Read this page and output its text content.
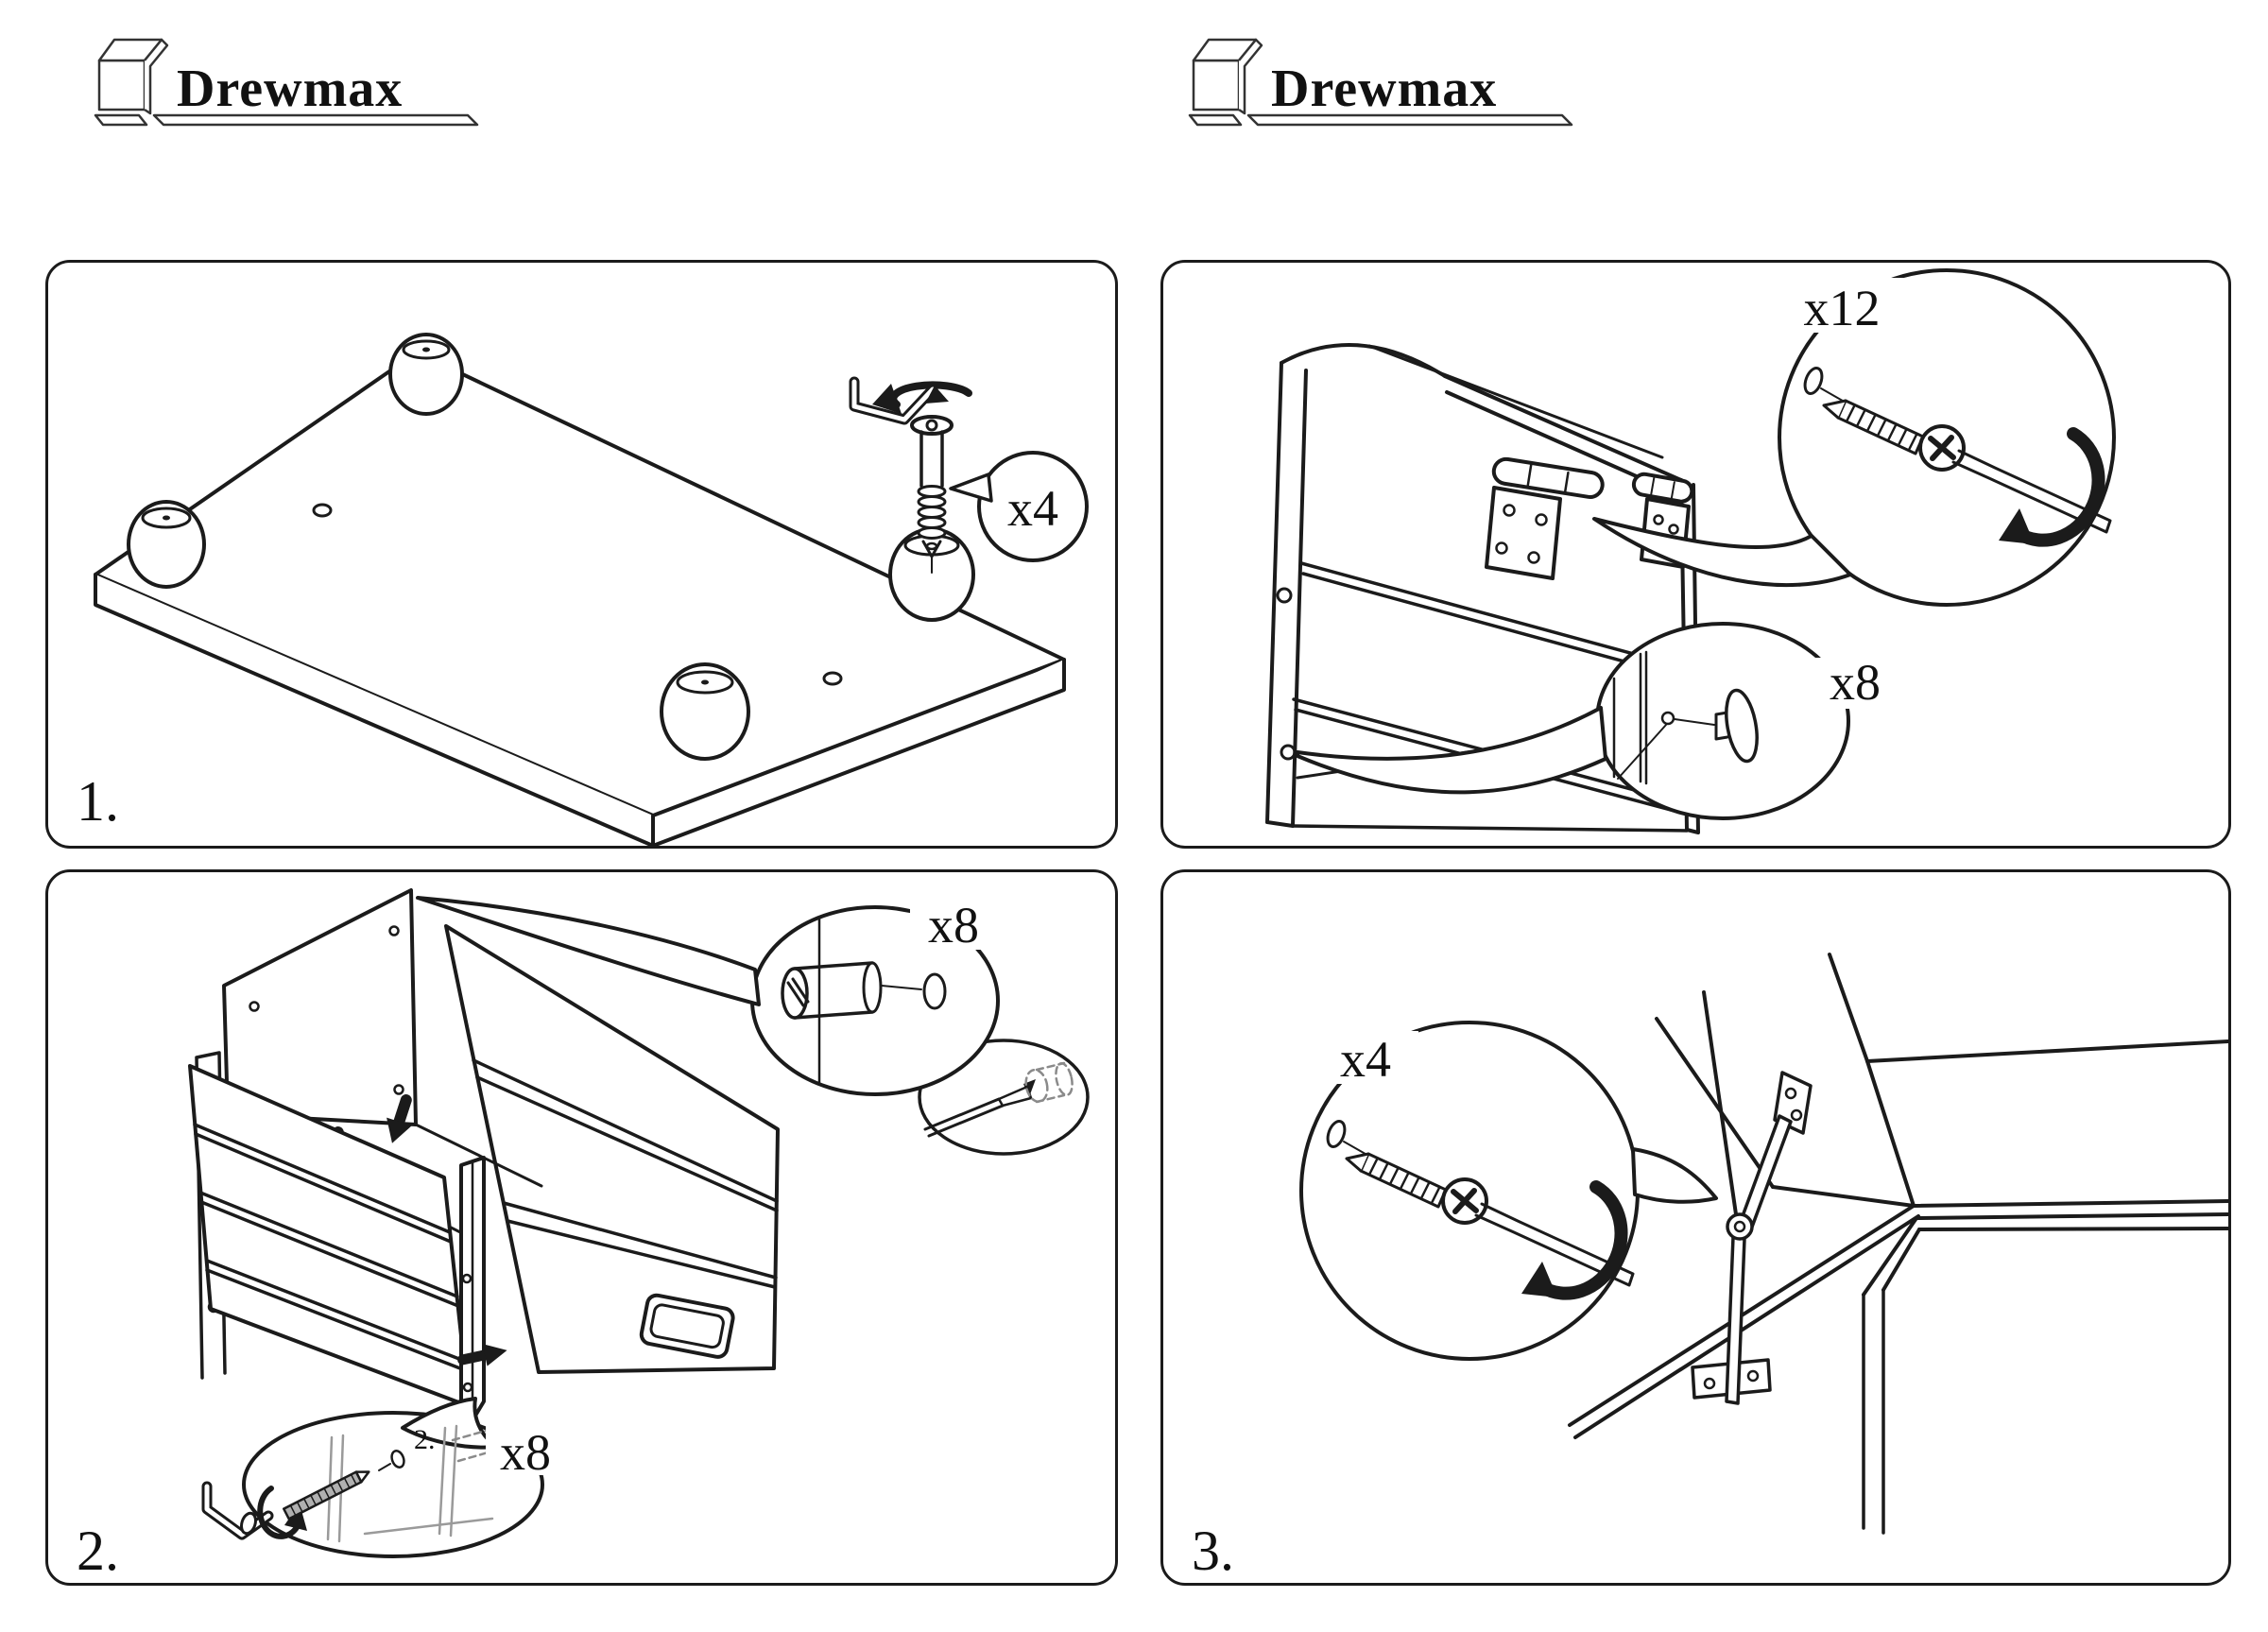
Drewmax	Drewmax
x4
1.
x12
x8
x8
x8
2.
2.
x4
3.
